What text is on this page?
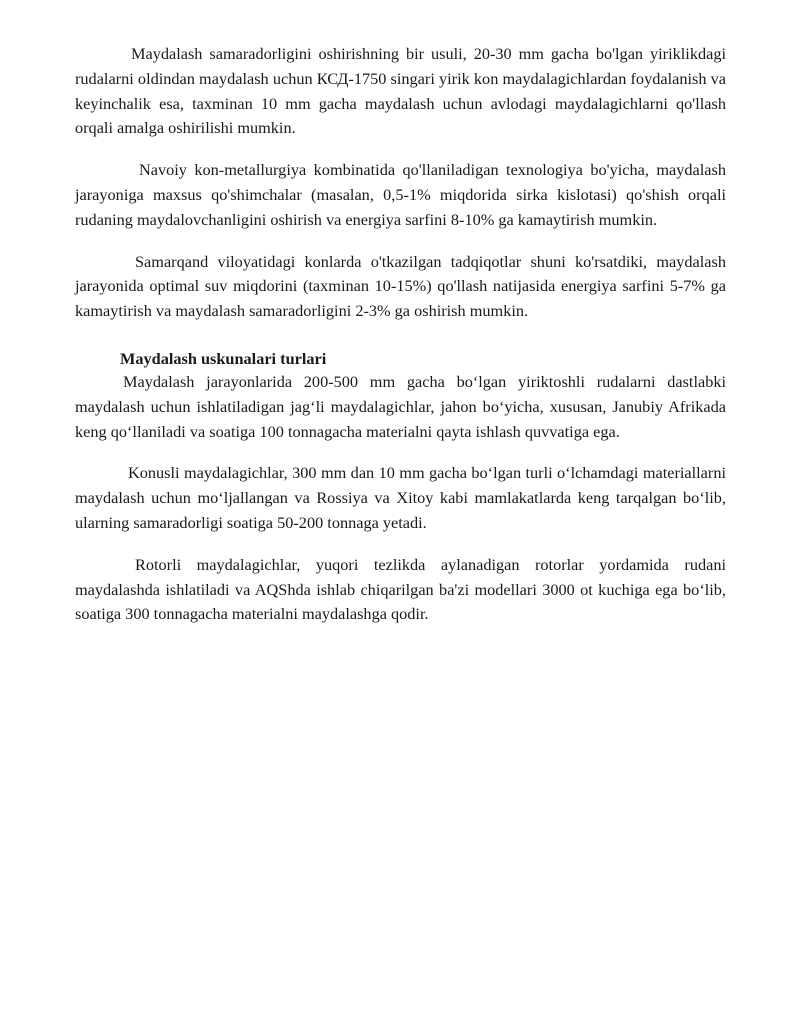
Maydalash samaradorligini oshirishning bir usuli, 20-30 mm gacha bo'lgan yiriklikdagi rudalarni oldindan maydalash uchun КСД-1750 singari yirik kon maydalagichlardan foydalanish va keyinchalik esa, taxminan 10 mm gacha maydalash uchun avlodagi maydalagichlarni qo'llash orqali amalga oshirilishi mumkin.

Navoiy kon-metallurgiya kombinatida qo'llaniladigan texnologiya bo'yicha, maydalash jarayoniga maxsus qo'shimchalar (masalan, 0,5-1% miqdorida sirka kislotasi) qo'shish orqali rudaning maydalovchanligini oshirish va energiya sarfini 8-10% ga kamaytirish mumkin.

Samarqand viloyatidagi konlarda o'tkazilgan tadqiqotlar shuni ko'rsatdiki, maydalash jarayonida optimal suv miqdorini (taxminan 10-15%) qo'llash natijasida energiya sarfini 5-7% ga kamaytirish va maydalash samaradorligini 2-3% ga oshirish mumkin.

Maydalash uskunalari turlari

Maydalash jarayonlarida 200-500 mm gacha bo‘lgan yiriktoshli rudalarni dastlabki maydalash uchun ishlatiladigan jag‘li maydalagichlar, jahon bo‘yicha, xususan, Janubiy Afrikada keng qo‘llaniladi va soatiga 100 tonnagacha materialni qayta ishlash quvvatiga ega.

Konusli maydalagichlar, 300 mm dan 10 mm gacha bo‘lgan turli o‘lchamdagi materiallarni maydalash uchun mo‘ljallangan va Rossiya va Xitoy kabi mamlakatlarda keng tarqalgan bo‘lib, ularning samaradorligi soatiga 50-200 tonnaga yetadi.

Rotorli maydalagichlar, yuqori tezlikda aylanadigan rotorlar yordamida rudani maydalashda ishlatiladi va AQShda ishlab chiqarilgan ba'zi modellari 3000 ot kuchiga ega bo‘lib, soatiga 300 tonnagacha materialni maydalashga qodir.
